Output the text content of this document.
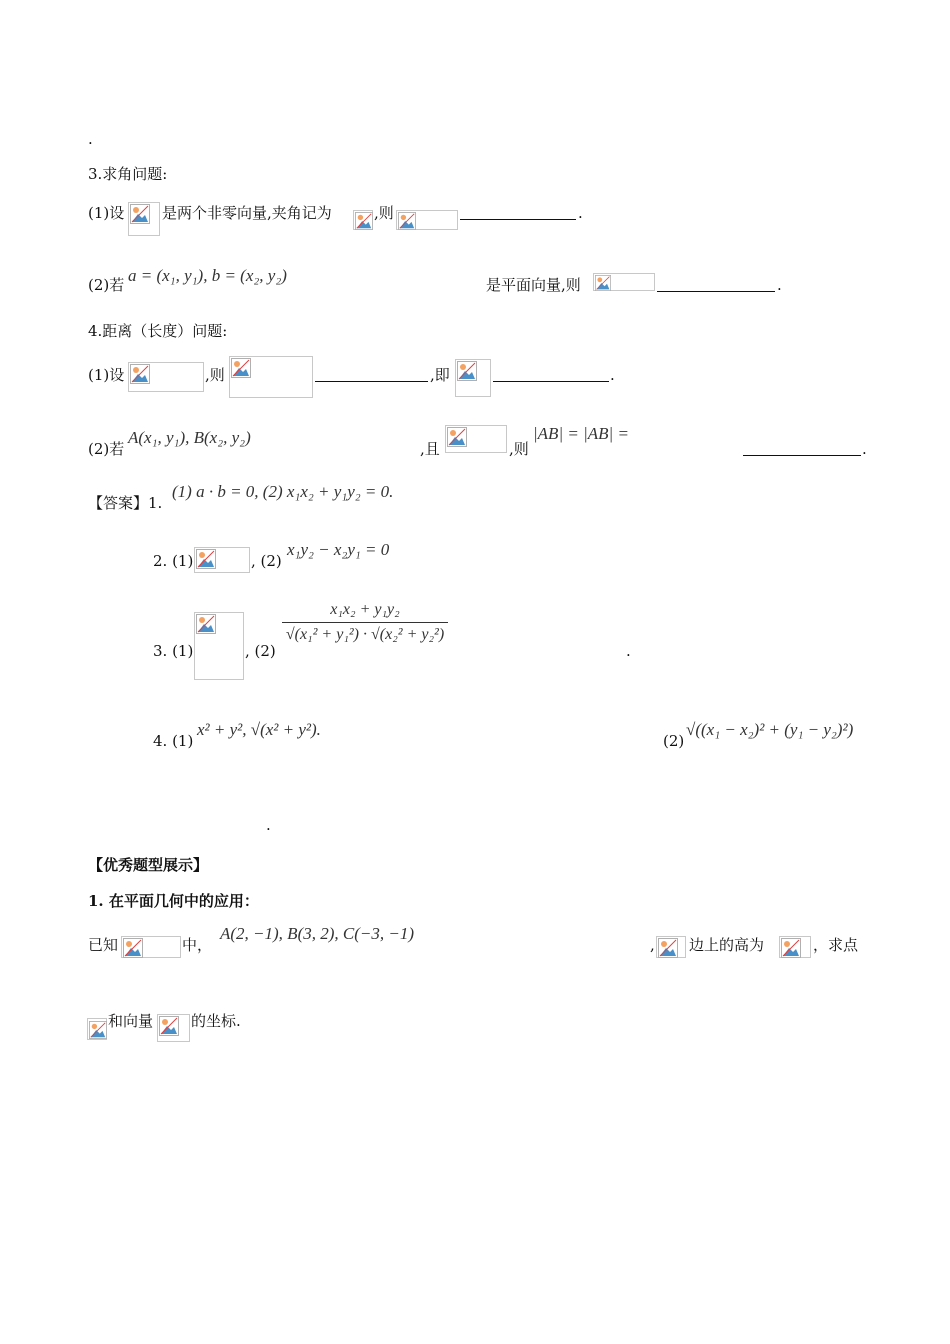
.
3.求角问题:
(1)设	是两个非零向量,夹角记为	,则	.
(2)若 a = (x₁, y₁), b = (x₂, y₂)	是平面向量,则	.
4.距离（长度）问题:
(1)设	,则	,即	.
(2)若
A(x₁, y₁), B(x₂, y₂)
,且	,则
|AB| = |AB| =
.
【答案】1.
(1) a · b = 0, (2) x₁x₂ + y₁y₂ = 0.
2. (1)	, (2)
x₁y₂ − x₂y₁ = 0
3. (1)	, (2)
x₁x₂ + y₁y₂
√(x₁² + y₁²) · √(x₂² + y₂²)
.
4. (1)
x² + y², √(x² + y²).
(2)
√((x₁ − x₂)² + (y₁ − y₂)²)
.
【优秀题型展示】
1. 在平面几何中的应用：
已知	中，
A(2, −1), B(3, 2), C(−3, −1)
, 边上的高为	，求点
和向量	的坐标.
